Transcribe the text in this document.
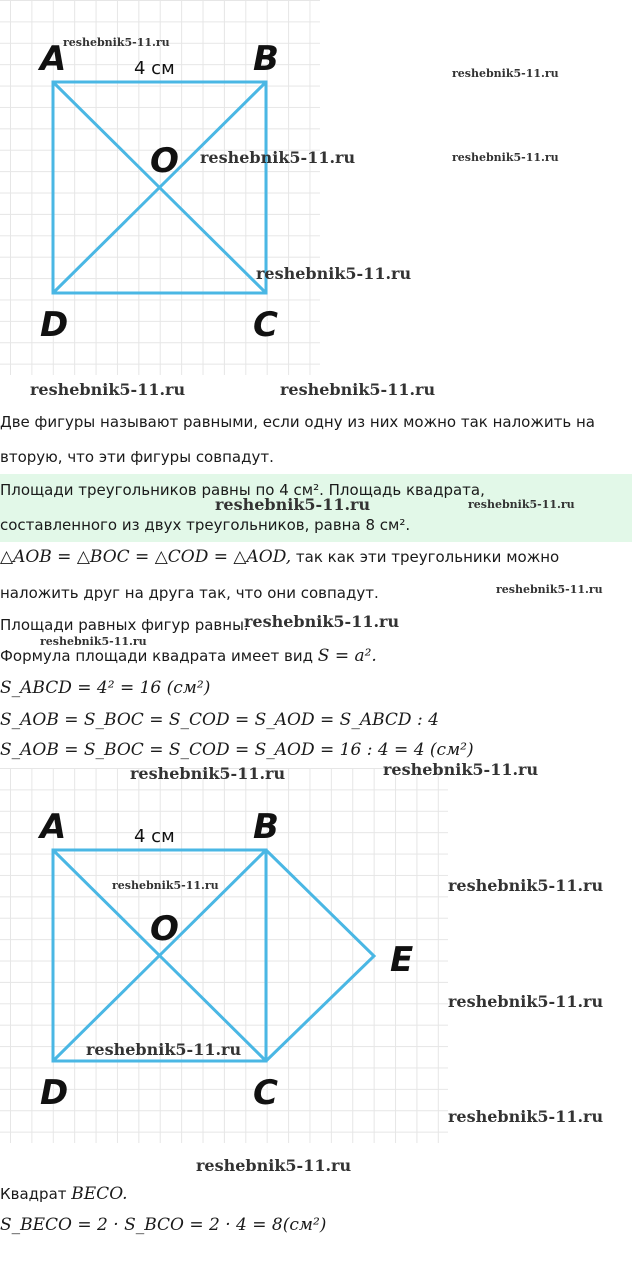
A	B
O
D	C
4 см
reshebnik5-11.ru
reshebnik5-11.ru
reshebnik5-11.ru	reshebnik5-11.ru
reshebnik5-11.ru
reshebnik5-11.ru	reshebnik5-11.ru
Две фигуры называют равными, если одну из них можно так наложить на
вторую, что эти фигуры совпадут.
Площади треугольников равны по 4 см². Площадь квадрата,
составленного из двух треугольников, равна 8 см².
reshebnik5-11.ru	reshebnik5-11.ru
△AOB = △BOC = △COD = △AOD, так как эти треугольники можно
наложить друг на друга так, что они совпадут.	reshebnik5-11.ru
Площади равных фигур равны.
reshebnik5-11.ru
reshebnik5-11.ru
Формула площади квадрата имеет вид S = a².
S_ABCD = 4² = 16 (см²)
S_AOB = S_BOC = S_COD = S_AOD = S_ABCD : 4
S_AOB = S_BOC = S_COD = S_AOD = 16 : 4 = 4 (см²)
A	B
O
E
D	C
4 см
reshebnik5-11.ru	reshebnik5-11.ru
reshebnik5-11.ru	reshebnik5-11.ru
reshebnik5-11.ru
reshebnik5-11.ru
reshebnik5-11.ru
reshebnik5-11.ru
Квадрат BECO.
S_BECO = 2 · S_BCO = 2 · 4 = 8(см²)
